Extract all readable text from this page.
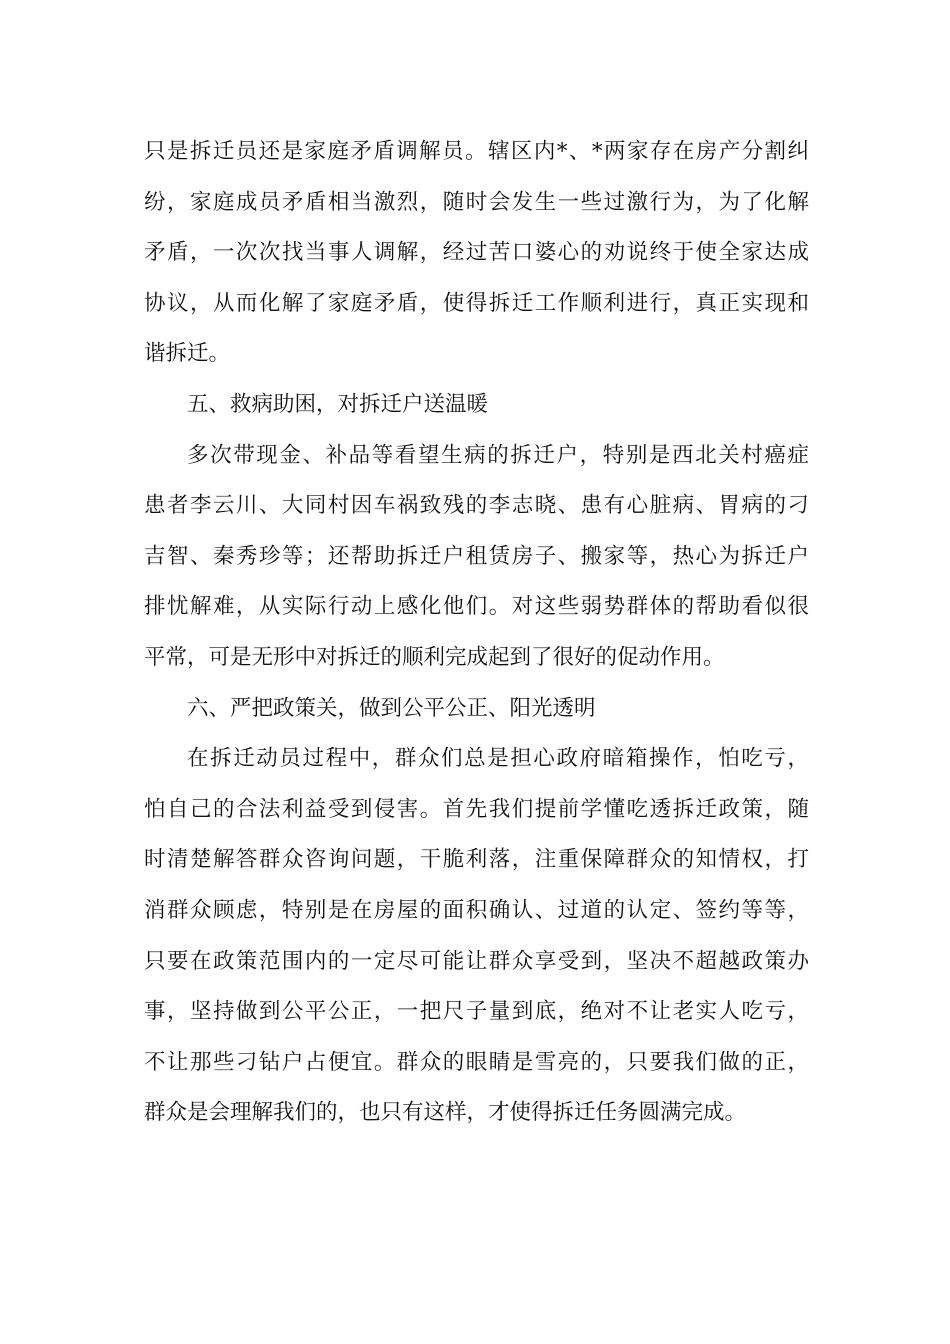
只是拆迁员还是家庭矛盾调解员。辖区内*、*两家存在房产分割纠
纷，家庭成员矛盾相当激烈，随时会发生一些过激行为，为了化解
矛盾，一次次找当事人调解，经过苦口婆心的劝说终于使全家达成
协议，从而化解了家庭矛盾，使得拆迁工作顺利进行，真正实现和
谐拆迁。
五、救病助困，对拆迁户送温暖
多次带现金、补品等看望生病的拆迁户，特别是西北关村癌症
患者李云川、大同村因车祸致残的李志晓、患有心脏病、胃病的刁
吉智、秦秀珍等；还帮助拆迁户租赁房子、搬家等，热心为拆迁户
排忧解难，从实际行动上感化他们。对这些弱势群体的帮助看似很
平常，可是无形中对拆迁的顺利完成起到了很好的促动作用。
六、严把政策关，做到公平公正、阳光透明
在拆迁动员过程中，群众们总是担心政府暗箱操作，怕吃亏，
怕自己的合法利益受到侵害。首先我们提前学懂吃透拆迁政策，随
时清楚解答群众咨询问题，干脆利落，注重保障群众的知情权，打
消群众顾虑，特别是在房屋的面积确认、过道的认定、签约等等，
只要在政策范围内的一定尽可能让群众享受到，坚决不超越政策办
事，坚持做到公平公正，一把尺子量到底，绝对不让老实人吃亏，
不让那些刁钻户占便宜。群众的眼睛是雪亮的，只要我们做的正，
群众是会理解我们的，也只有这样，才使得拆迁任务圆满完成。
